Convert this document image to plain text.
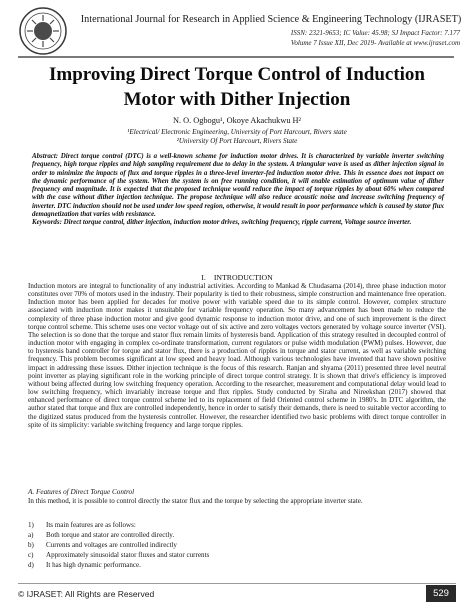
International Journal for Research in Applied Science & Engineering Technology (IJRASET)
ISSN: 2321-9653; IC Value: 45.98; SJ Impact Factor: 7.177
Volume 7 Issue XII, Dec 2019- Available at www.ijraset.com
Improving Direct Torque Control of Induction
Motor with Dither Injection
N. O. Ogbogu¹, Okoye Akachukwu H²
¹Electrical/ Electronic Engineering, University of Port Harcourt, Rivers state
²University Of Port Harcourt, Rivers State
Abstract: Direct torque control (DTC) is a well-known scheme for induction motor drives. It is characterized by variable inverter switching frequency, high torque ripples and high sampling requirement due to delay in the system. A triangular wave is used as dither injection signal in order to minimize the impacts of flux and torque ripples in a three-level inverter-fed induction motor drive. This in essence does not impact on the dynamic performance of the system. When the system is on free running condition, it will enable estimation of optimum value of dither frequency and magnitude. It is expected that the proposed technique would reduce the impact of torque ripples by about 60% when compared with the case without dither injection technique. The propose technique will also reduce acoustic noise and increase switching frequency of inverter. DTC induction should not be used under low speed region, otherwise, it would result in poor performance which is caused by stator flux demagnetization that varies with resistance.
Keywords: Direct torque control, dither injection, induction motor drives, switching frequency, ripple current, Voltage source inverter.
I. INTRODUCTION
Induction motors are integral to functionality of any industrial activities. According to Mankad & Chudasama (2014), three phase induction motor constitutes over 70% of motors used in the industry. Their popularity is tied to their robustness, simple construction and maintenance free operation. Induction motor has been applied for decades for motive power with variable speed due to its simple control. However, complex structure associated with induction motor makes it unsuitable for variable frequency operation. So many advancement has been made to reduce the complexity of three phase induction motor and give good dynamic response to induction motor drive, and one of such improvement is the direct torque control scheme. This scheme uses one vector voltage out of six active and zero voltages vectors generated by voltage source inverter (VSI). The selection is so done that the torque and stator flux remain limits of hysteresis band. Application of this strategy resulted in decoupled control of induction motor with engaging in complex co-ordinate transformation, current regulators or pulse width modulation (PWM) pulses. However, due to hysteresis band controller for torque and stator flux, there is a production of ripples in torque and stator current, as well as variable switching frequency. This problem becomes significant at low speed and heavy load. Although various technologies have invented that have shown positive impact in addressing these issues. Dither injection technique is the focus of this research. Ranjan and shyama (2011) presented three level neutral point inverter as playing significant role in the working principle of direct torque control strategy. It is shown that drive's efficiency is improved without being affected during low switching frequency operation. According to the researcher, measurement and computational delay would lead to low switching frequency, which invariably increase torque and flux ripples. Study conducted by Siraha and Nireekshan (2017) showed that enhanced performance of direct torque control scheme led to its replacement of field Oriented control scheme in 1980's. In DTC algorithm, the author stated that torque and flux are controlled independently, hence in order to satisfy their demands, there is need to suitable vector according to the digitized status produced from the hysteresis controller. However, the researcher identified two basic problems with direct torque controller in spite of its simplicity: variable switching frequency and large torque ripples.
A. Features of Direct Torque Control
In this method, it is possible to control directly the stator flux and the torque by selecting the appropriate inverter state.
1) Its main features are as follows:
a) Both torque and stator are controlled directly.
b) Currents and voltages are controlled indirectly
c) Approximately sinusoidal stator fluxes and stator currents
d) It has high dynamic performance.
© IJRASET: All Rights are Reserved	529
